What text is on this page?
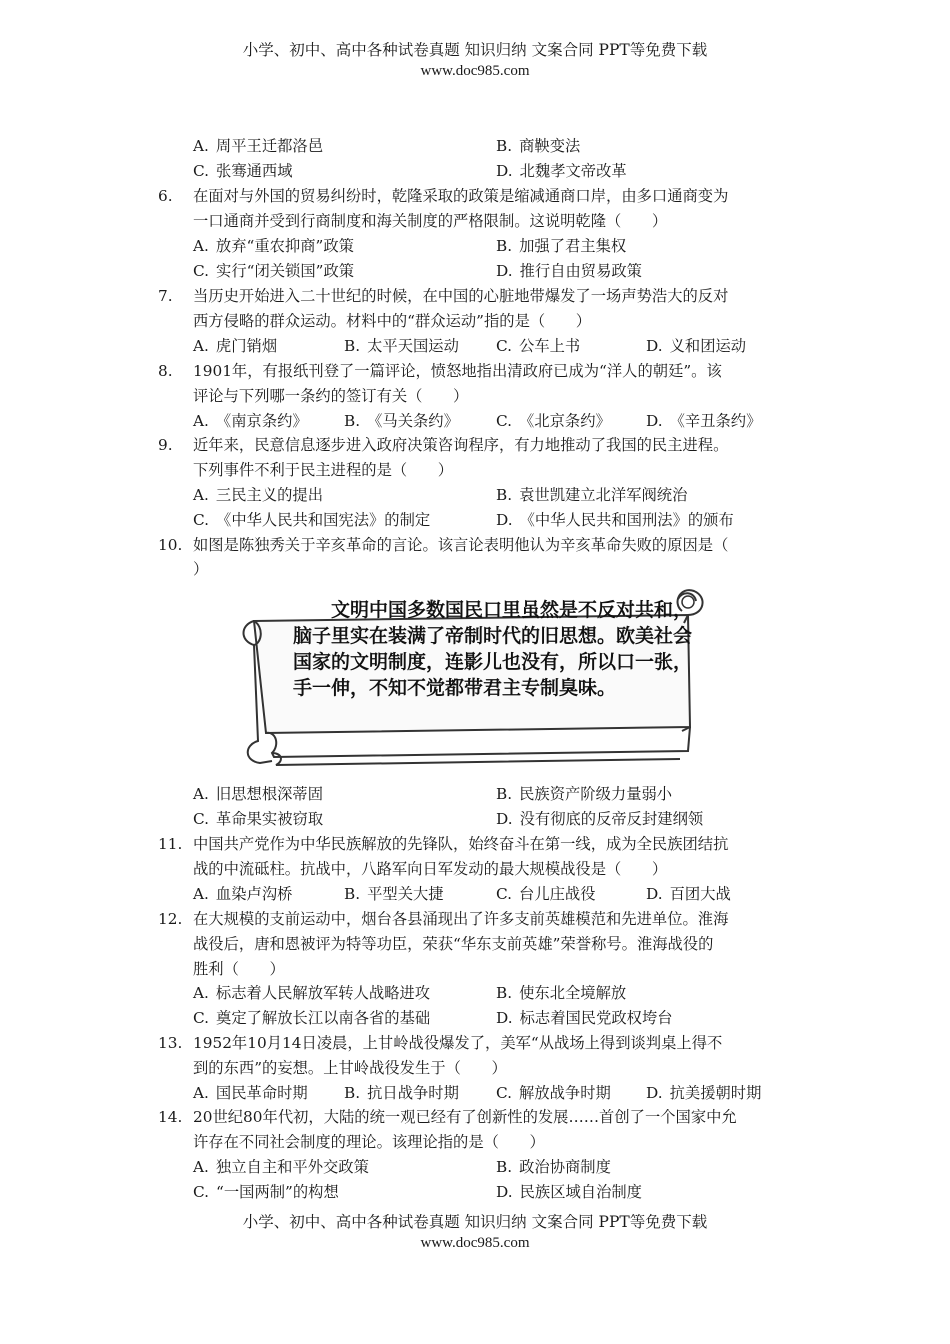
小学、初中、高中各种试卷真题 知识归纳 文案合同 PPT等免费下载
www.doc985.com
A. 周平王迁都洛邑	B. 商鞅变法
C. 张骞通西域	D. 北魏孝文帝改革
6. 在面对与外国的贸易纠纷时，乾隆采取的政策是缩减通商口岸，由多口通商变为
一口通商并受到行商制度和海关制度的严格限制。这说明乾隆（　　）
A. 放弃“重农抑商”政策	B. 加强了君主集权
C. 实行“闭关锁国”政策	D. 推行自由贸易政策
7. 当历史开始进入二十世纪的时候，在中国的心脏地带爆发了一场声势浩大的反对
西方侵略的群众运动。材料中的“群众运动”指的是（　　）
A. 虎门销烟	B. 太平天国运动 C. 公车上书	D. 义和团运动
8. 1901年，有报纸刊登了一篇评论，愤怒地指出清政府已成为“洋人的朝廷”。该
评论与下列哪一条约的签订有关（　　）
A. 《南京条约》 B. 《马关条约》 C. 《北京条约》 D. 《辛丑条约》
9. 近年来，民意信息逐步进入政府决策咨询程序，有力地推动了我国的民主进程。
下列事件不利于民主进程的是（　　）
A. 三民主义的提出	B. 袁世凯建立北洋军阀统治
C. 《中华人民共和国宪法》的制定	D. 《中华人民共和国刑法》的颁布
10. 如图是陈独秀关于辛亥革命的言论。该言论表明他认为辛亥革命失败的原因是（
）
　　文明中国多数国民口里虽然是不反对共和，
脑子里实在装满了帝制时代的旧思想。欧美社会
国家的文明制度，连影儿也没有，所以口一张，
手一伸，不知不觉都带君主专制臭味。
A. 旧思想根深蒂固	B. 民族资产阶级力量弱小
C. 革命果实被窃取	D. 没有彻底的反帝反封建纲领
11. 中国共产党作为中华民族解放的先锋队，始终奋斗在第一线，成为全民族团结抗
战的中流砥柱。抗战中，八路军向日军发动的最大规模战役是（　　）
A. 血染卢沟桥	B. 平型关大捷	C. 台儿庄战役	D. 百团大战
12. 在大规模的支前运动中，烟台各县涌现出了许多支前英雄模范和先进单位。淮海
战役后，唐和恩被评为特等功臣，荣获“华东支前英雄”荣誉称号。淮海战役的
胜利（　　）
A. 标志着人民解放军转人战略进攻	B. 使东北全境解放
C. 奠定了解放长江以南各省的基础	D. 标志着国民党政权垮台
13. 1952年10月14日凌晨，上甘岭战役爆发了，美军“从战场上得到谈判桌上得不
到的东西”的妄想。上甘岭战役发生于（　　）
A. 国民革命时期 B. 抗日战争时期 C. 解放战争时期 D. 抗美援朝时期
14. 20世纪80年代初，大陆的统一观已经有了创新性的发展……首创了一个国家中允
许存在不同社会制度的理论。该理论指的是（　　）
A. 独立自主和平外交政策	B. 政治协商制度
C. “一国两制”的构想	D. 民族区域自治制度
小学、初中、高中各种试卷真题 知识归纳 文案合同 PPT等免费下载
www.doc985.com
